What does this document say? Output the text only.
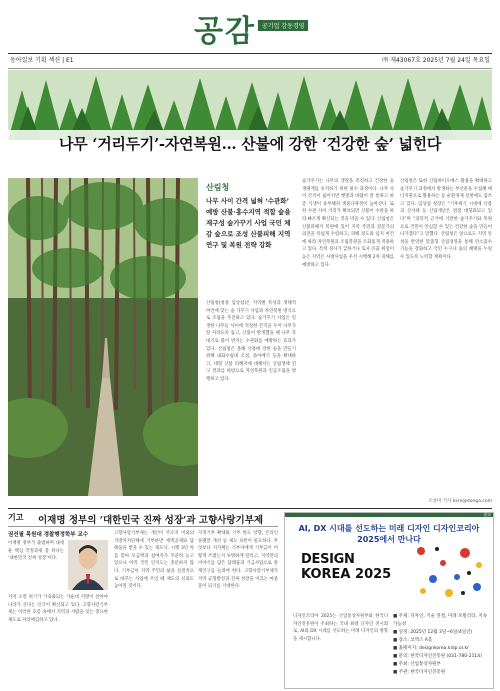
공감	공기업 감동경영
동아일보 기획 섹션 | E1	㈜ 제43067호 2025년 7월 24일 목요일
나무 ‘거리두기’-자연복원… 산불에 강한 ‘건강한 숲’ 넓힌다
산림청
나무 사이 간격 넓혀 ‘수관화’ 예방 산불·홍수지역 적합 숲을 재구성 숲가꾸기 사업 국민 체감 숲으로 조성 산불피해 지역 연구 및 복원 전략 강화
산림청(청장 임상섭)은 지역별 특성과 생태적 여건에 맞는 숲 가꾸기 사업과 자연복원 방식으로 조림을 추진하고 있다. 숲가꾸기 사업은 밀생한 나무들 사이에 적절한 간격을 두어 나무가 잘 자라도록 돕고, 산불이 발생했을 때 나무 꼭대기로 불이 번지는 수관화를 예방하는 효과가 있다. 산림청은 올해 산불에 강한 숲을 만들기 위해 내화수림대 조성, 솎아베기 등을 확대하고, 대형 산불 피해지에 대해서는 산림생태 연구 결과를 바탕으로 자연복원과 인공조림을 병행하고 있다.
숲가꾸기는 나무의 생장을 촉진하고 건강한 숲 생태계를 유지하기 위한 필수 과정이다. 나무 사이 간격이 넓어지면 햇빛과 바람이 잘 통하고 하층 식생이 풍부해져 생물다양성이 높아진다. 또한 수관 사이 거리가 확보되면 산불이 수관을 따라 빠르게 확산되는 것을 막을 수 있다. 산림청은 산불피해지 복원에 있어 지역 주민과 전문가의 의견을 폭넓게 수렴하고, 피해 정도와 입지 여건에 따라 자연복원과 조림복원을 조화롭게 적용하고 있다. 특히 경사가 급하거나 토사 유출 위험이 높은 지역은 사방사업을 우선 시행해 2차 피해를 예방하고 있다.
산림청은 또한 산림바이오매스 활용을 확대하고 숲가꾸기 과정에서 발생하는 부산물을 수집해 에너지원으로 활용하는 등 순환경제 실현에도 힘쓰고 있다. 임상섭 청장은 “기후위기 시대에 산불과 산사태 등 산림재난은 점점 대형화되고 있다”며 “과학적 근거에 기반한 숲가꾸기와 복원으로 국민이 안심할 수 있는 건강한 숲을 만들어 나가겠다”고 말했다. 산림청은 앞으로도 지역 특성을 반영한 맞춤형 산림경영을 통해 탄소흡수 기능을 강화하고 국민 누구나 숲의 혜택을 누릴 수 있도록 노력할 계획이다.
조성미 기자 bsm@donga.com
기고 이재명 정부의 ‘대한민국 진짜 성장’과 고향사랑기부제
권선필 목원대 경찰행정학부 교수
이재명 정부가 출범하며 내세운 핵심 국정과제 중 하나는 ‘대한민국 진짜 성장’이다.
지역 소멸 위기가 가속화되는 가운데 지방이 살아야 나라가 산다는 인식이 확산되고 있다. 고향사랑기부제는 이러한 흐름 속에서 지역과 사람을 잇는 중요한 제도로 자리매김하고 있다.
고향사랑기부제는 개인이 주소지 이외의 지방자치단체에 기부하면 세액공제와 답례품을 받을 수 있는 제도다. 시행 3년 차를 맞아 모금액과 참여자가 꾸준히 늘고 있으나 아직 국민 인지도는 충분하지 않다. 기부금이 지역 주민의 삶을 실질적으로 바꾸는 사업에 쓰일 때 제도의 신뢰도 높아질 것이다.
지정기부 확대와 기부 한도 상향, 온라인 플랫폼 개선 등 제도 보완이 필요하다. 무엇보다 지자체는 기부자에게 기부금이 어떻게 쓰였는지 투명하게 알리고, 지역만의 이야기를 담은 답례품과 기금사업으로 관계인구를 늘려야 한다. 고향사랑기부제가 지역 균형발전과 진짜 성장을 이끄는 마중물이 되기를 기대한다.
광고
AI, DX 시대를 선도하는 미래 디자인 디자인코리아 2025에서 만나다
DESIGN
KOREA 2025
디자인코리아 2025는 산업통상자원부와 한국디자인진흥원이 주최하는 국내 최대 디자인 전시회로, AI와 DX 시대를 선도하는 미래 디자인의 방향을 제시합니다.
■ 주제: 디자인, 기술 연결, 미래 모빌리티, 지속가능성
■ 일정: 2025년 12월 3일~6일(4일간)
■ 장소: 코엑스 A홀
■ 홈페이지: designkorea.kidp.or.kr
■ 문의: 한국디자인진흥원 (031-780-2114)
■ 주최: 산업통상자원부
■ 주관: 한국디자인진흥원
